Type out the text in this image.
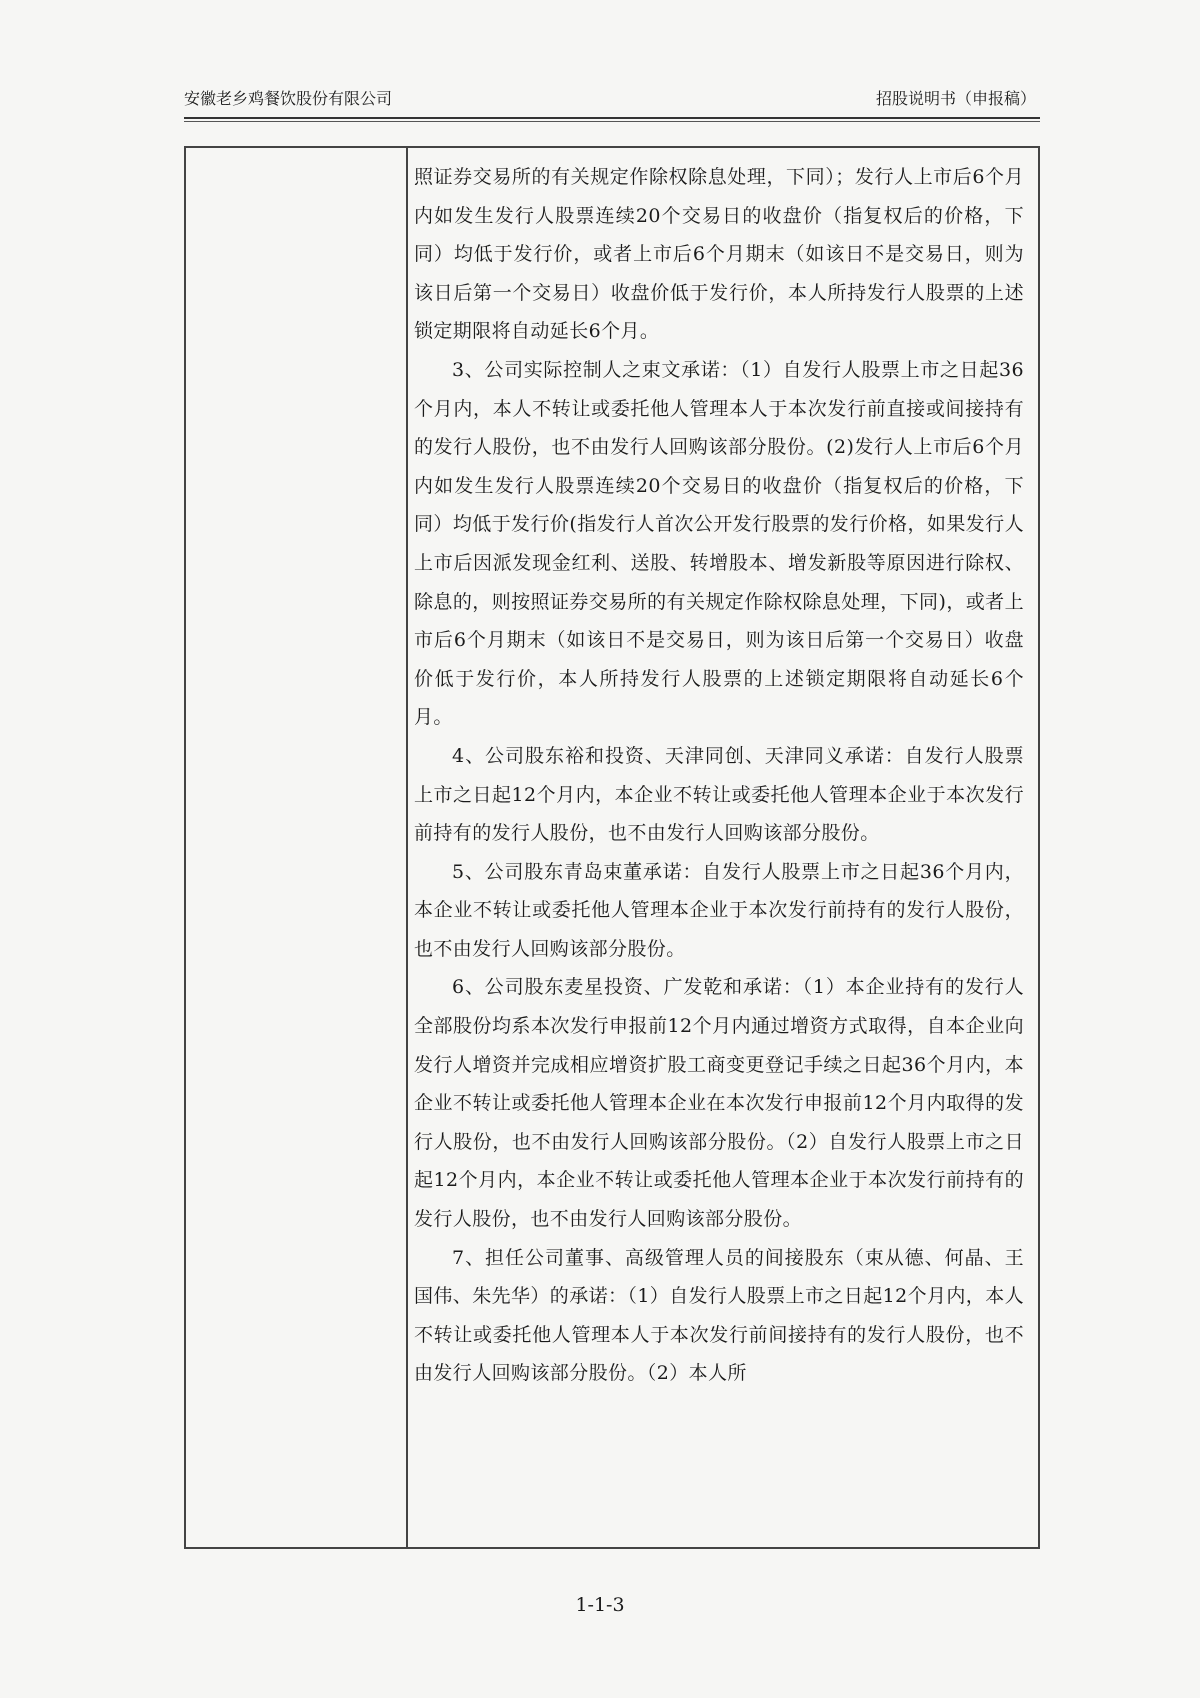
安徽老乡鸡餐饮股份有限公司	招股说明书（申报稿）

照证券交易所的有关规定作除权除息处理，下同）；发行人上市后6个月内如发生发行人股票连续20个交易日的收盘价（指复权后的价格，下同）均低于发行价，或者上市后6个月期末（如该日不是交易日，则为该日后第一个交易日）收盘价低于发行价，本人所持发行人股票的上述锁定期限将自动延长6个月。

3、公司实际控制人之束文承诺：（1）自发行人股票上市之日起36个月内，本人不转让或委托他人管理本人于本次发行前直接或间接持有的发行人股份，也不由发行人回购该部分股份。(2)发行人上市后6个月内如发生发行人股票连续20个交易日的收盘价（指复权后的价格，下同）均低于发行价(指发行人首次公开发行股票的发行价格，如果发行人上市后因派发现金红利、送股、转增股本、增发新股等原因进行除权、除息的，则按照证券交易所的有关规定作除权除息处理，下同)，或者上市后6个月期末（如该日不是交易日，则为该日后第一个交易日）收盘价低于发行价，本人所持发行人股票的上述锁定期限将自动延长6个月。

4、公司股东裕和投资、天津同创、天津同义承诺：自发行人股票上市之日起12个月内，本企业不转让或委托他人管理本企业于本次发行前持有的发行人股份，也不由发行人回购该部分股份。

5、公司股东青岛束董承诺：自发行人股票上市之日起36个月内，本企业不转让或委托他人管理本企业于本次发行前持有的发行人股份，也不由发行人回购该部分股份。

6、公司股东麦星投资、广发乾和承诺：（1）本企业持有的发行人全部股份均系本次发行申报前12个月内通过增资方式取得，自本企业向发行人增资并完成相应增资扩股工商变更登记手续之日起36个月内，本企业不转让或委托他人管理本企业在本次发行申报前12个月内取得的发行人股份，也不由发行人回购该部分股份。（2）自发行人股票上市之日起12个月内，本企业不转让或委托他人管理本企业于本次发行前持有的发行人股份，也不由发行人回购该部分股份。

7、担任公司董事、高级管理人员的间接股东（束从德、何晶、王国伟、朱先华）的承诺：（1）自发行人股票上市之日起12个月内，本人不转让或委托他人管理本人于本次发行前间接持有的发行人股份，也不由发行人回购该部分股份。（2）本人所

1-1-3
